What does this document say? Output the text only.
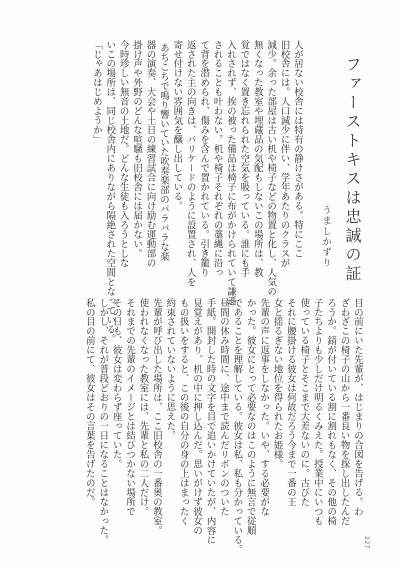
ファーストキスは忠誠の証
うましかずり
人が居ない校舎には特有の静けさがある。特にここ
旧校舎には。人口減少に伴い、学年あたりのクラスが
減少。余った部屋は古い机や椅子などの物置と化し、人気の
無くなった教室や埋蔵品の気配もしないこの場所は、教
覚ではなく置き忘れられた空気を吸っている。誰にも手
入れされず、挨の被った備品は椅子に布がかけられていて謙遜
されることも叶わない。机や椅子それぞれの藁縄に沿っ
て背を潜められ、傷みを含んで置かれている。引き籠り
返された主の向きは、バリケードのように設置され、人を
寄せ付けない雰囲気を醸し出している。
あちこちで鳴り響いていた吹奏楽部のバラバラな楽
器の演奏、大会や土日の練習試合に向け励む運動部の
掛け声や外野のどんな喧騒も旧校舎には届かない。
今時珍しい無音の土地だ。どんな生徒も入ろうとしな
いこの場所は、同じ校舎内にありながら隔絶された空間となっている。
「じゃあはじめようか」
目の前にいた先輩が、はじまりの合図を告げる。わ
ざわざこの椅子の山から一番良い物を探し出したんだ
ろうか。錆が付いている割に割れもなく、その他の椅
子たちよりも少しだけ明るくみえた。授業中にいつも
使っている椅子とそこまで大差ないのに。古びた
それに腰掛ける彼女は何故だろう今まで一番の王
女と揺るぎない地位を得られたお姫様。
先輩の声に返事をしなかった。いや、する必要がな
かった。彼女にとって必要なのはこのように無言で従順
であることを理解している。彼女は私、私も分かっている。
昼間の休み時間に、途中まで読んだリボンのついた
手紙。開封した時の文字を目で追いかけていたが、内容に
見覚えがあり、机の中に押し込んだ。思いがけず彼女の
もの扱いをすると、この後の自分の身の上はまったく
約束されていないように思えた。
先輩が呼び出した場所は、ここ旧校舎の一番奥の教室。
使われなくなった教室には、先輩と私の二人だけ。
それまでの先輩のイメージとは結びつかない場所で
その日も、彼女は変わらず座っていた。
しかし、それが普段どおりの一日になることはなかった。
私の目の前にて、彼女はその言葉を告げたのだ。
227
